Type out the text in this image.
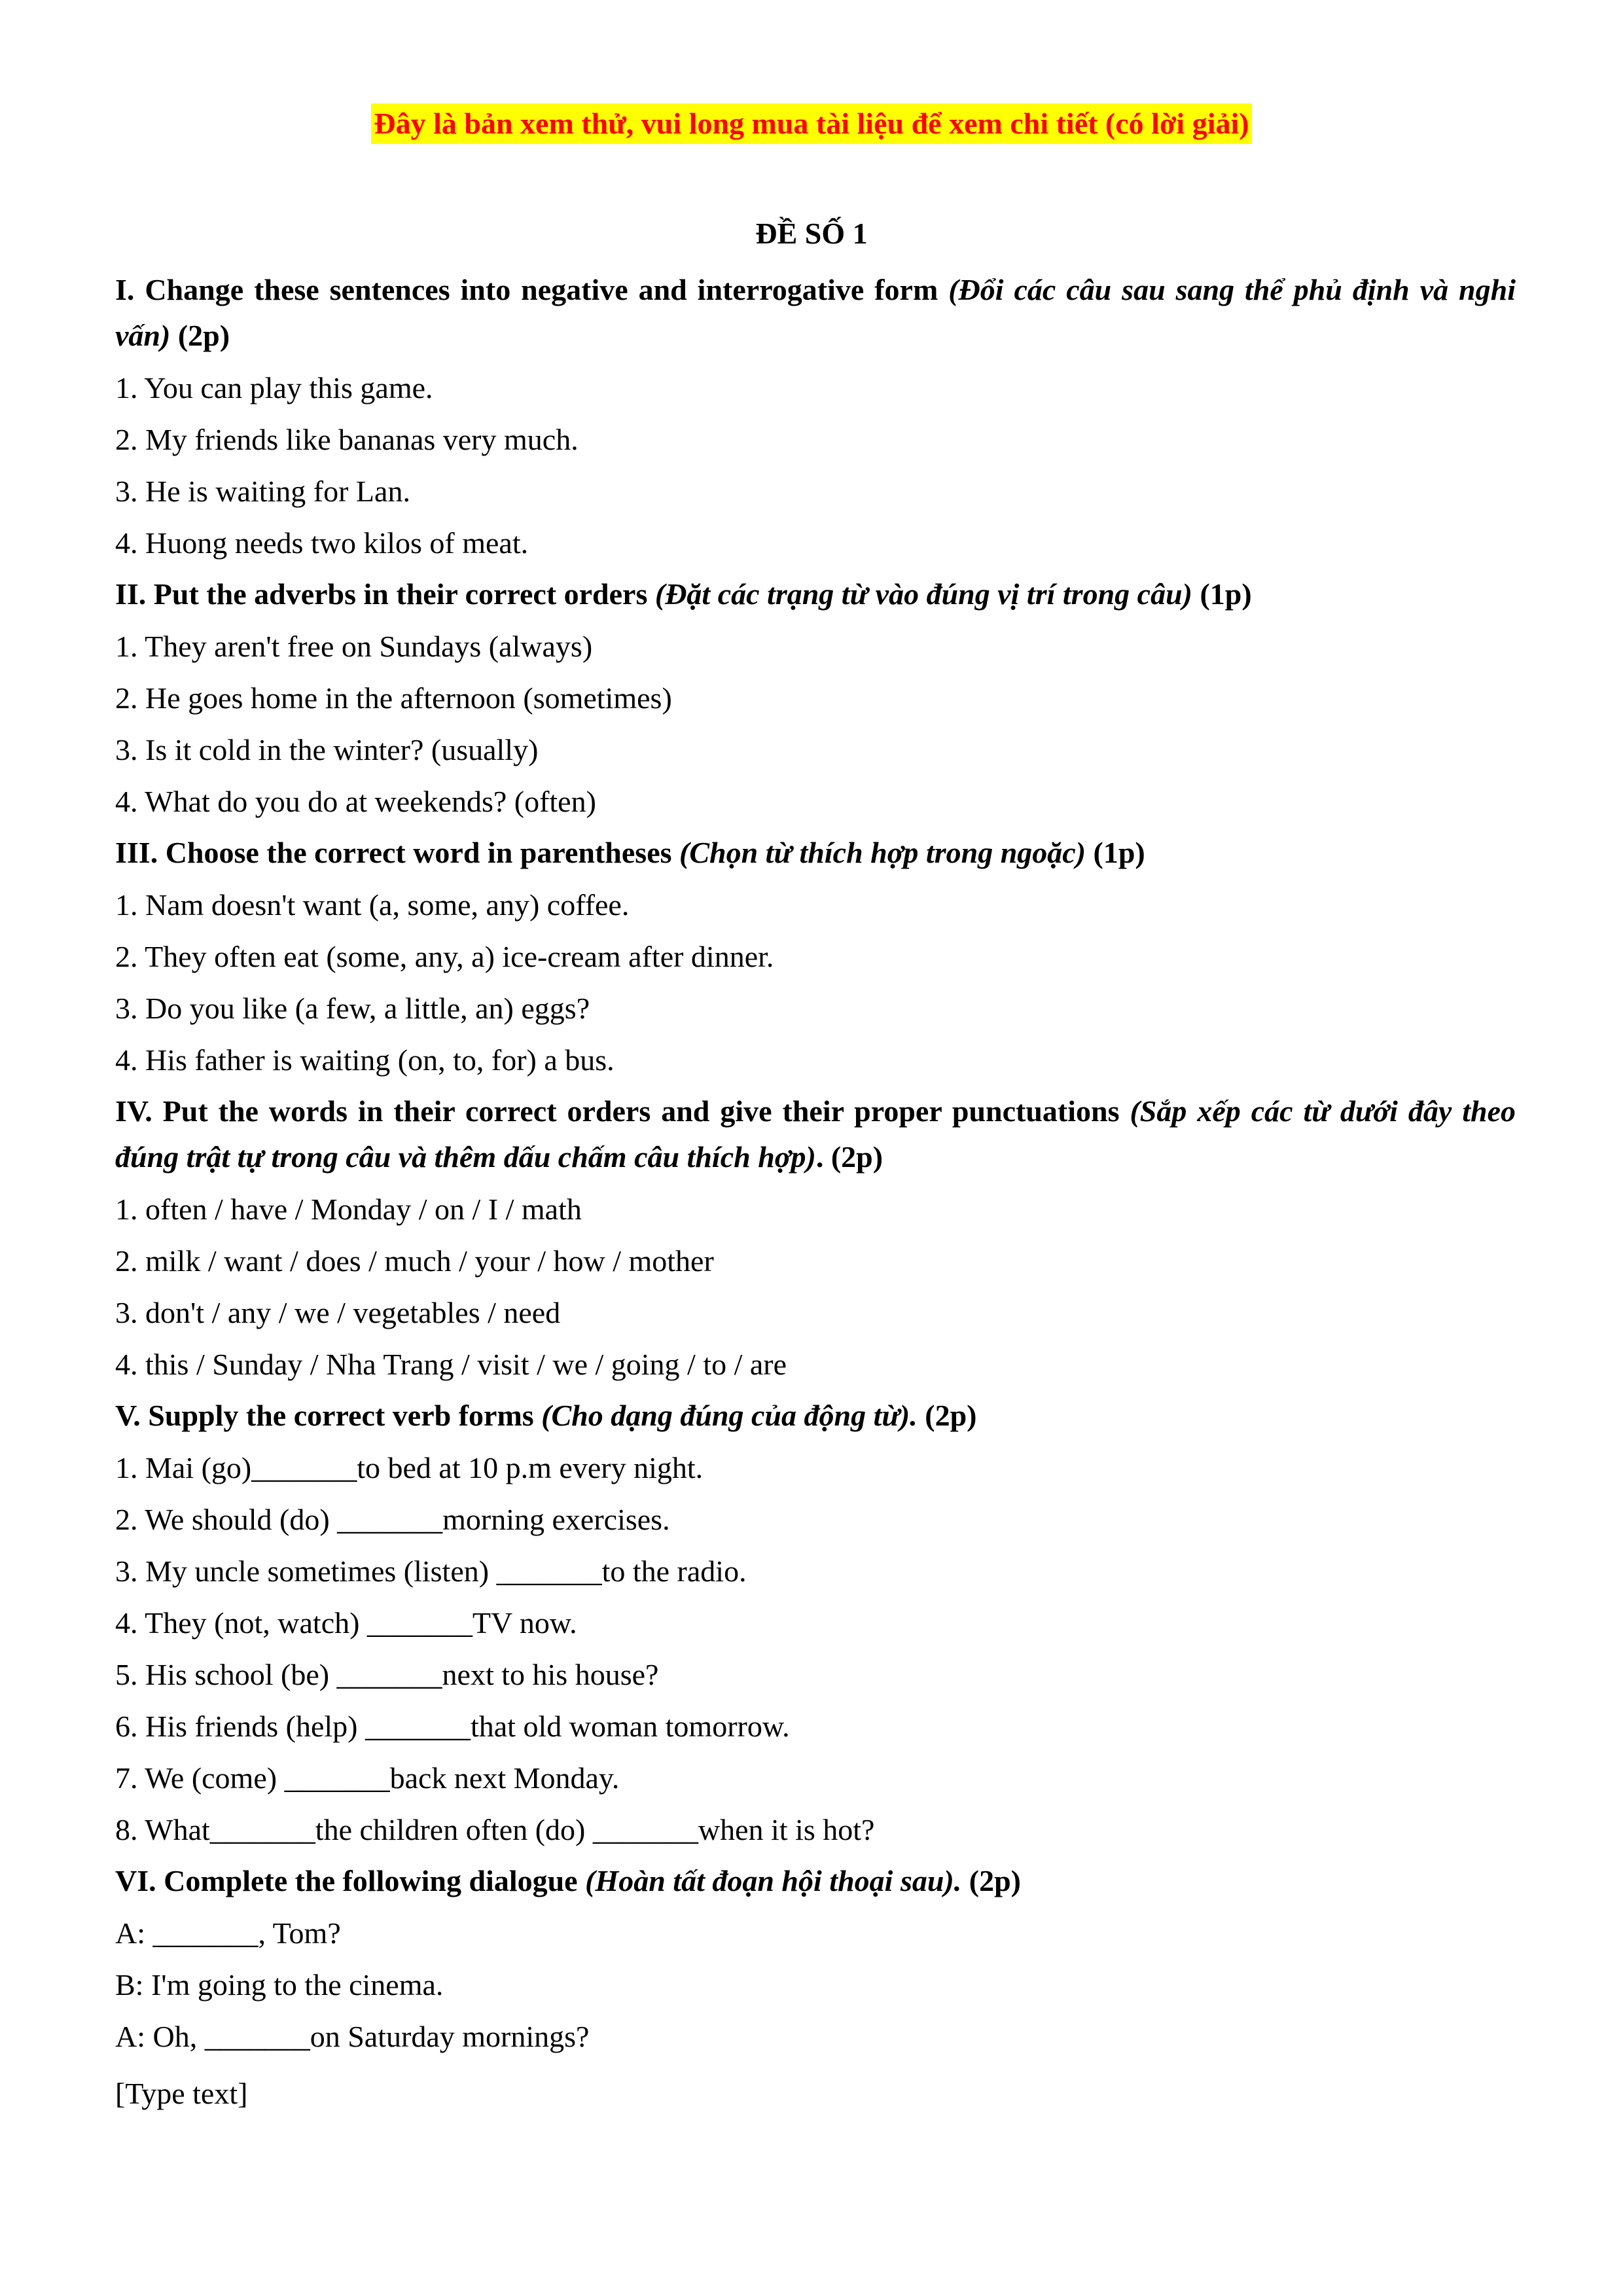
Đây là bản xem thử, vui long mua tài liệu để xem chi tiết (có lời giải)
ĐỀ SỐ 1

I. Change these sentences into negative and interrogative form (Đổi các câu sau sang thể phủ định và nghi vấn) (2p)

1. You can play this game.

2. My friends like bananas very much.

3. He is waiting for Lan.

4. Huong needs two kilos of meat.

II. Put the adverbs in their correct orders (Đặt các trạng từ vào đúng vị trí trong câu) (1p)

1. They aren't free on Sundays (always)

2. He goes home in the afternoon (sometimes)

3. Is it cold in the winter? (usually)

4. What do you do at weekends? (often)

III. Choose the correct word in parentheses (Chọn từ thích hợp trong ngoặc) (1p)

1. Nam doesn't want (a, some, any) coffee.

2. They often eat (some, any, a) ice-cream after dinner.

3. Do you like (a few, a little, an) eggs?

4. His father is waiting (on, to, for) a bus.

IV. Put the words in their correct orders and give their proper punctuations (Sắp xếp các từ dưới đây theo đúng trật tự trong câu và thêm dấu chấm câu thích hợp). (2p)

1. often / have / Monday / on / I / math

2. milk / want / does / much / your / how / mother

3. don't / any / we / vegetables / need

4. this / Sunday / Nha Trang / visit / we / going / to / are

V. Supply the correct verb forms (Cho dạng đúng của động từ). (2p)

1. Mai (go)_______to bed at 10 p.m every night.

2. We should (do) _______morning exercises.

3. My uncle sometimes (listen) _______to the radio.

4. They (not, watch) _______TV now.

5. His school (be) _______next to his house?

6. His friends (help) _______that old woman tomorrow.

7. We (come) _______back next Monday.

8. What_______the children often (do) _______when it is hot?

VI. Complete the following dialogue (Hoàn tất đoạn hội thoại sau). (2p)

A: _______, Tom?

B: I'm going to the cinema.

A: Oh, _______on Saturday mornings?

[Type text]
